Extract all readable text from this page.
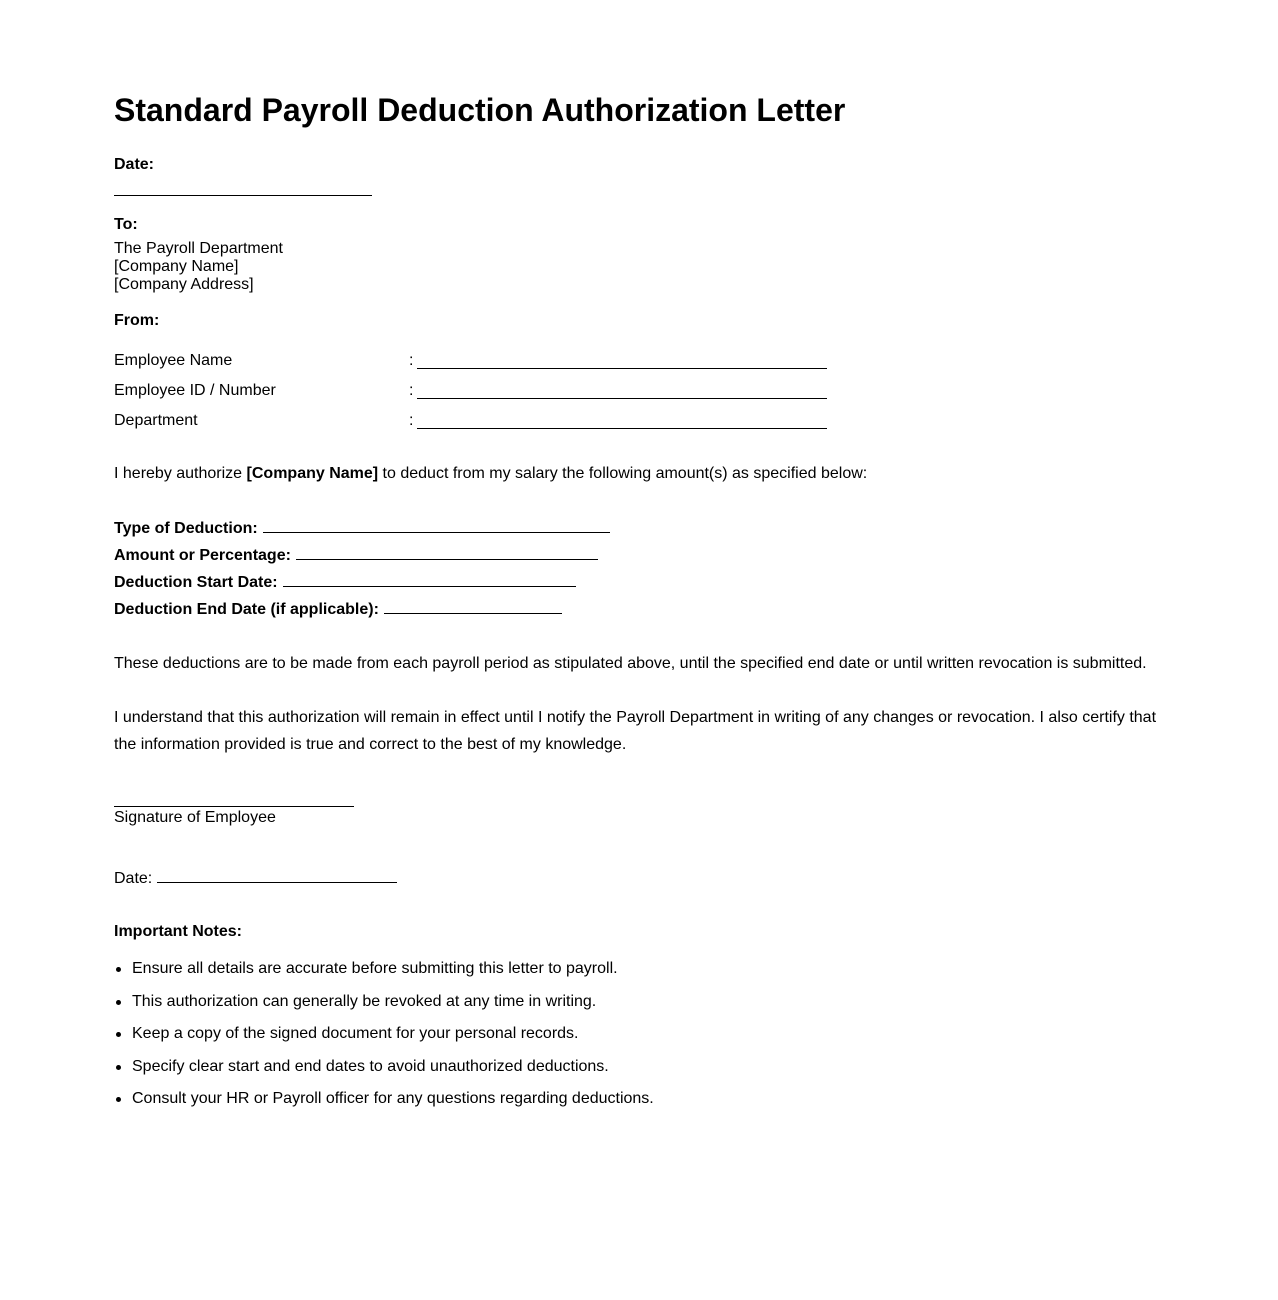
Standard Payroll Deduction Authorization Letter
Date:
To:
The Payroll Department
[Company Name]
[Company Address]
From:
Employee Name	:
Employee ID / Number	:
Department	:
I hereby authorize [Company Name] to deduct from my salary the following amount(s) as specified below:
Type of Deduction:
Amount or Percentage:
Deduction Start Date:
Deduction End Date (if applicable):
These deductions are to be made from each payroll period as stipulated above, until the specified end date or until written revocation is submitted.
I understand that this authorization will remain in effect until I notify the Payroll Department in writing of any changes or revocation. I also certify that the information provided is true and correct to the best of my knowledge.
Signature of Employee
Date:
Important Notes:
Ensure all details are accurate before submitting this letter to payroll.
This authorization can generally be revoked at any time in writing.
Keep a copy of the signed document for your personal records.
Specify clear start and end dates to avoid unauthorized deductions.
Consult your HR or Payroll officer for any questions regarding deductions.
